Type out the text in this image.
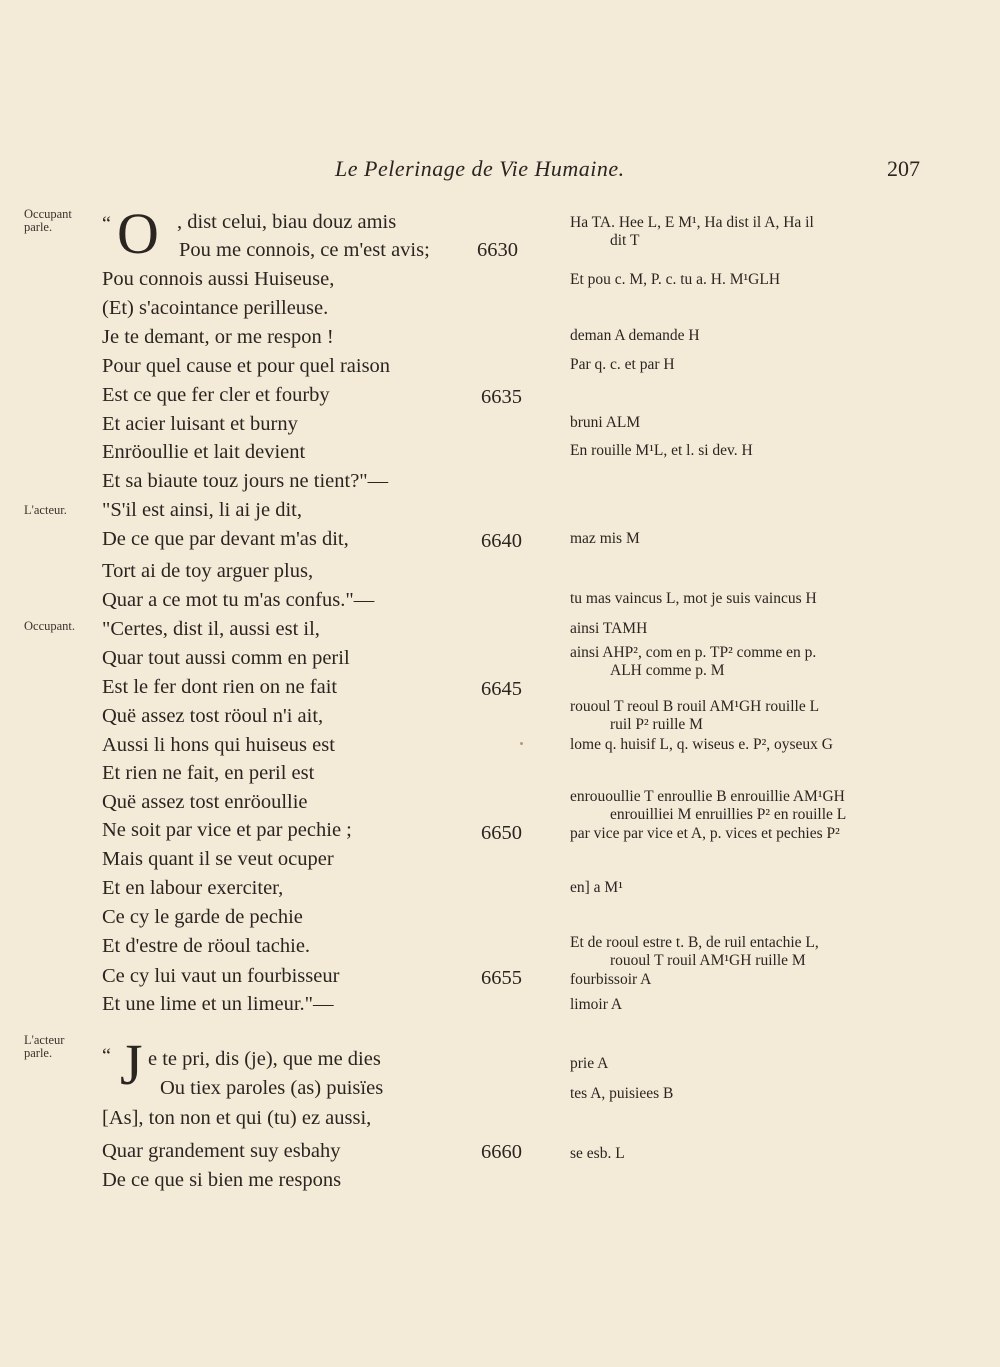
Le Pelerinage de Vie Humaine.	207
Occupant parle.
L'acteur.
Occupant.
L'acteur parle.
“ O , dist celui, biau douz amis
Pou me connois, ce m'est avis; 6630
Pou connois aussi Huiseuse,
(Et) s'acointance perilleuse.
Je te demant, or me respon !
Pour quel cause et pour quel raison
Est ce que fer cler et fourby	6635
Et acier luisant et burny
Enröoullie et lait devient
Et sa biaute touz jours ne tient?"—
"S'il est ainsi, li ai je dit,
De ce que par devant m'as dit,	6640
Tort ai de toy arguer plus,
Quar a ce mot tu m'as confus."—
"Certes, dist il, aussi est il,
Quar tout aussi comm en peril
Est le fer dont rien on ne fait	6645
Quë assez tost röoul n'i ait,
Aussi li hons qui huiseus est
Et rien ne fait, en peril est
Quë assez tost enröoullie
Ne soit par vice et par pechie ;	6650
Mais quant il se veut ocuper
Et en labour exerciter,
Ce cy le garde de pechie
Et d'estre de röoul tachie.
Ce cy lui vaut un fourbisseur	6655
Et une lime et un limeur."—
“ J e te pri, dis (je), que me dies
Ou tiex paroles (as) puisïes
[As], ton non et qui (tu) ez aussi,
Quar grandement suy esbahy	6660
De ce que si bien me respons
Ha TA. Hee L, E M¹, Ha dist il A, Ha il
dit T
Et pou c. M, P. c. tu a. H. M¹GLH
deman A demande H
Par q. c. et par H
bruni ALM
En rouille M¹L, et l. si dev. H
maz mis M
tu mas vaincus L, mot je suis vaincus H
ainsi TAMH
ainsi AHP², com en p. TP² comme en p.
ALH comme p. M
rououl T reoul B rouil AM¹GH rouille L
ruil P² ruille M
lome q. huisif L, q. wiseus e. P², oyseux G
enrououllie T enroullie B enrouillie AM¹GH
enrouilliei M enruillies P² en rouille L
par vice par vice et A, p. vices et pechies P²
en] a M¹
Et de rooul estre t. B, de ruil entachie L,
rououl T rouil AM¹GH ruille M
fourbissoir A
limoir A
prie A
tes A, puisiees B
se esb. L
